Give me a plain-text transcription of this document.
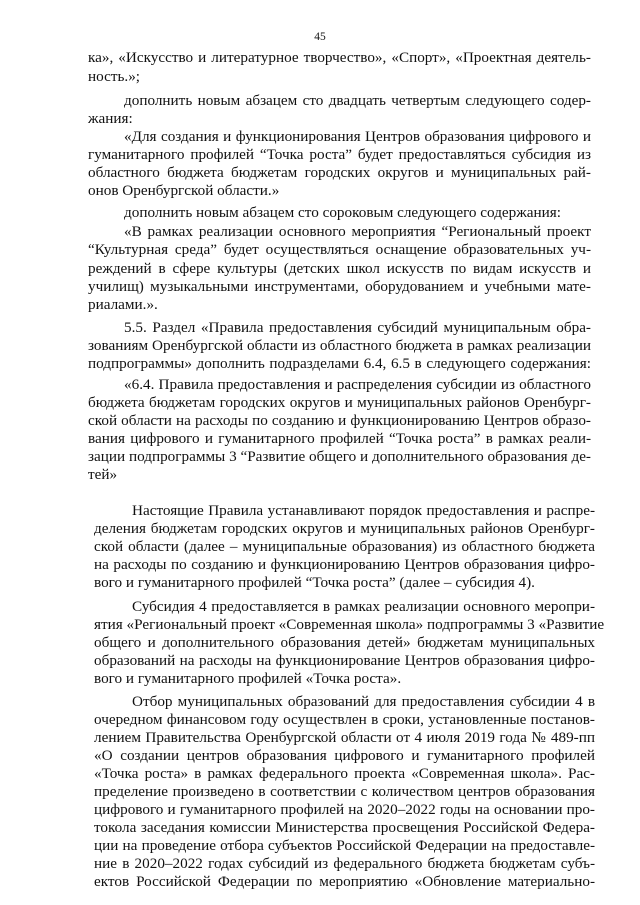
45
ка», «Искусство и литературное творчество», «Спорт», «Проектная деятель-
ность.»;
дополнить новым абзацем сто двадцать четвертым следующего содер-
жания:
«Для создания и функционирования Центров образования цифрового и
гуманитарного профилей “Точка роста” будет предоставляться субсидия из
областного бюджета бюджетам городских округов и муниципальных рай-
онов Оренбургской области.»
дополнить новым абзацем сто сороковым следующего содержания:
«В рамках реализации основного мероприятия “Региональный проект
“Культурная среда” будет осуществляться оснащение образовательных уч-
реждений в сфере культуры (детских школ искусств по видам искусств и
училищ) музыкальными инструментами, оборудованием и учебными мате-
риалами.».
5.5. Раздел «Правила предоставления субсидий муниципальным обра-
зованиям Оренбургской области из областного бюджета в рамках реализации
подпрограммы» дополнить подразделами 6.4, 6.5 в следующего содержания:
«6.4. Правила предоставления и распределения субсидии из областного
бюджета бюджетам городских округов и муниципальных районов Оренбург-
ской области на расходы по созданию и функционированию Центров образо-
вания цифрового и гуманитарного профилей “Точка роста” в рамках реали-
зации подпрограммы 3 “Развитие общего и дополнительного образования де-
тей»
Настоящие Правила устанавливают порядок предоставления и распре-
деления бюджетам городских округов и муниципальных районов Оренбург-
ской области (далее – муниципальные образования) из областного бюджета
на расходы по созданию и функционированию Центров образования цифро-
вого и гуманитарного профилей “Точка роста” (далее – субсидия 4).
Субсидия 4 предоставляется в рамках реализации основного меропри-
ятия «Региональный проект «Современная школа» подпрограммы 3 «Развитие
общего и дополнительного образования детей» бюджетам муниципальных
образований на расходы на функционирование Центров образования цифро-
вого и гуманитарного профилей «Точка роста».
Отбор муниципальных образований для предоставления субсидии 4 в
очередном финансовом году осуществлен в сроки, установленные постанов-
лением Правительства Оренбургской области от 4 июля 2019 года № 489-пп
«О создании центров образования цифрового и гуманитарного профилей
«Точка роста» в рамках федерального проекта «Современная школа». Рас-
пределение произведено в соответствии с количеством центров образования
цифрового и гуманитарного профилей на 2020–2022 годы на основании про-
токола заседания комиссии Министерства просвещения Российской Федера-
ции на проведение отбора субъектов Российской Федерации на предоставле-
ние в 2020–2022 годах субсидий из федерального бюджета бюджетам субъ-
ектов Российской Федерации по мероприятию «Обновление материально-
